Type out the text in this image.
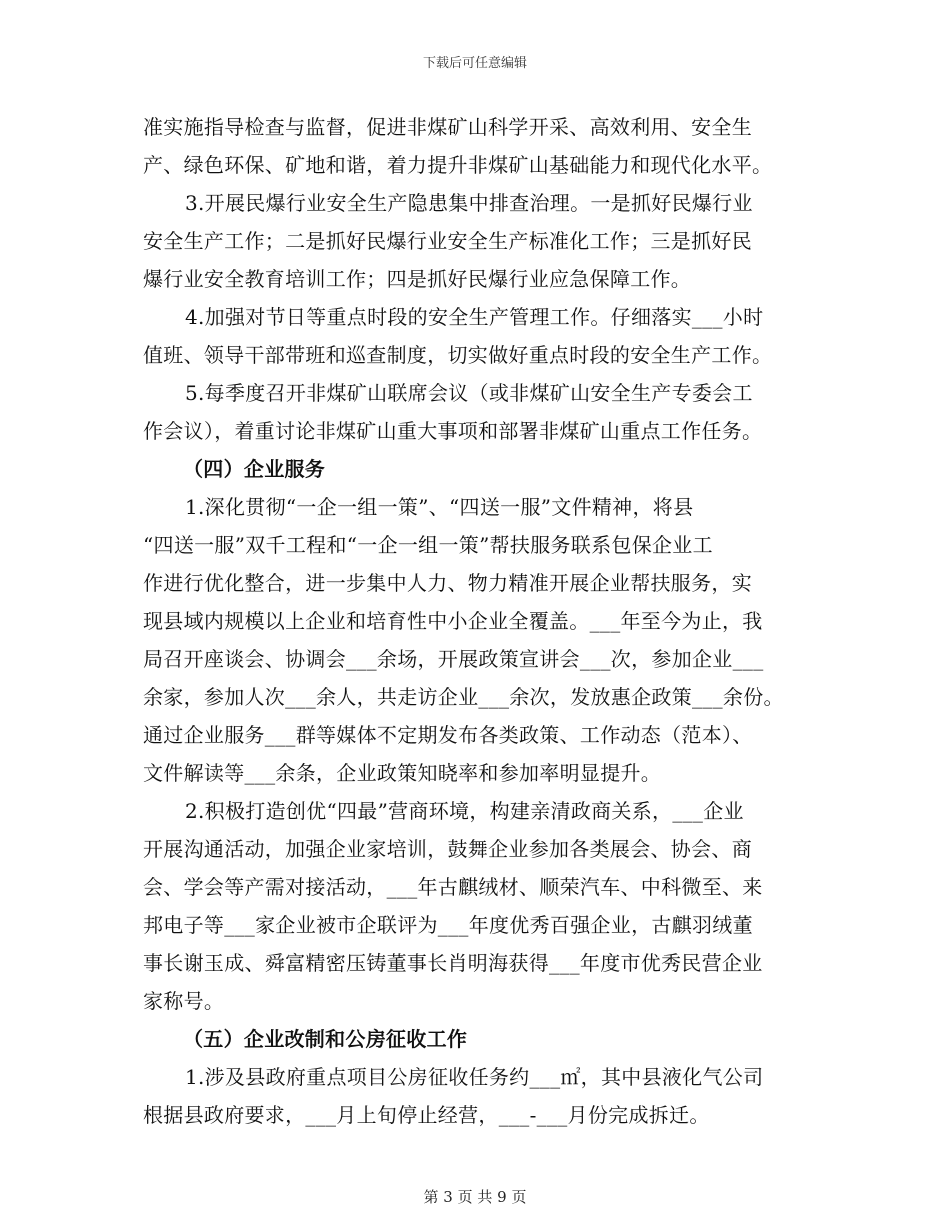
下载后可任意编辑
准实施指导检查与监督，促进非煤矿山科学开采、高效利用、安全生
产、绿色环保、矿地和谐，着力提升非煤矿山基础能力和现代化水平。
3.开展民爆行业安全生产隐患集中排查治理。一是抓好民爆行业
安全生产工作；二是抓好民爆行业安全生产标准化工作；三是抓好民
爆行业安全教育培训工作；四是抓好民爆行业应急保障工作。
4.加强对节日等重点时段的安全生产管理工作。仔细落实___小时
值班、领导干部带班和巡查制度，切实做好重点时段的安全生产工作。
5.每季度召开非煤矿山联席会议（或非煤矿山安全生产专委会工
作会议），着重讨论非煤矿山重大事项和部署非煤矿山重点工作任务。
（四）企业服务
1.深化贯彻“一企一组一策”、“四送一服”文件精神，将县
“四送一服”双千工程和“一企一组一策”帮扶服务联系包保企业工
作进行优化整合，进一步集中人力、物力精准开展企业帮扶服务，实
现县域内规模以上企业和培育性中小企业全覆盖。___年至今为止，我
局召开座谈会、协调会___余场，开展政策宣讲会___次，参加企业___
余家，参加人次___余人，共走访企业___余次，发放惠企政策___余份。
通过企业服务___群等媒体不定期发布各类政策、工作动态（范本）、
文件解读等___余条，企业政策知晓率和参加率明显提升。
2.积极打造创优“四最”营商环境，构建亲清政商关系，___企业
开展沟通活动，加强企业家培训，鼓舞企业参加各类展会、协会、商
会、学会等产需对接活动，___年古麒绒材、顺荣汽车、中科微至、来
邦电子等___家企业被市企联评为___年度优秀百强企业，古麒羽绒董
事长谢玉成、舜富精密压铸董事长肖明海获得___年度市优秀民营企业
家称号。
（五）企业改制和公房征收工作
1.涉及县政府重点项目公房征收任务约___㎡，其中县液化气公司
根据县政府要求，___月上旬停止经营，___-___月份完成拆迁。
第 3 页 共 9 页
